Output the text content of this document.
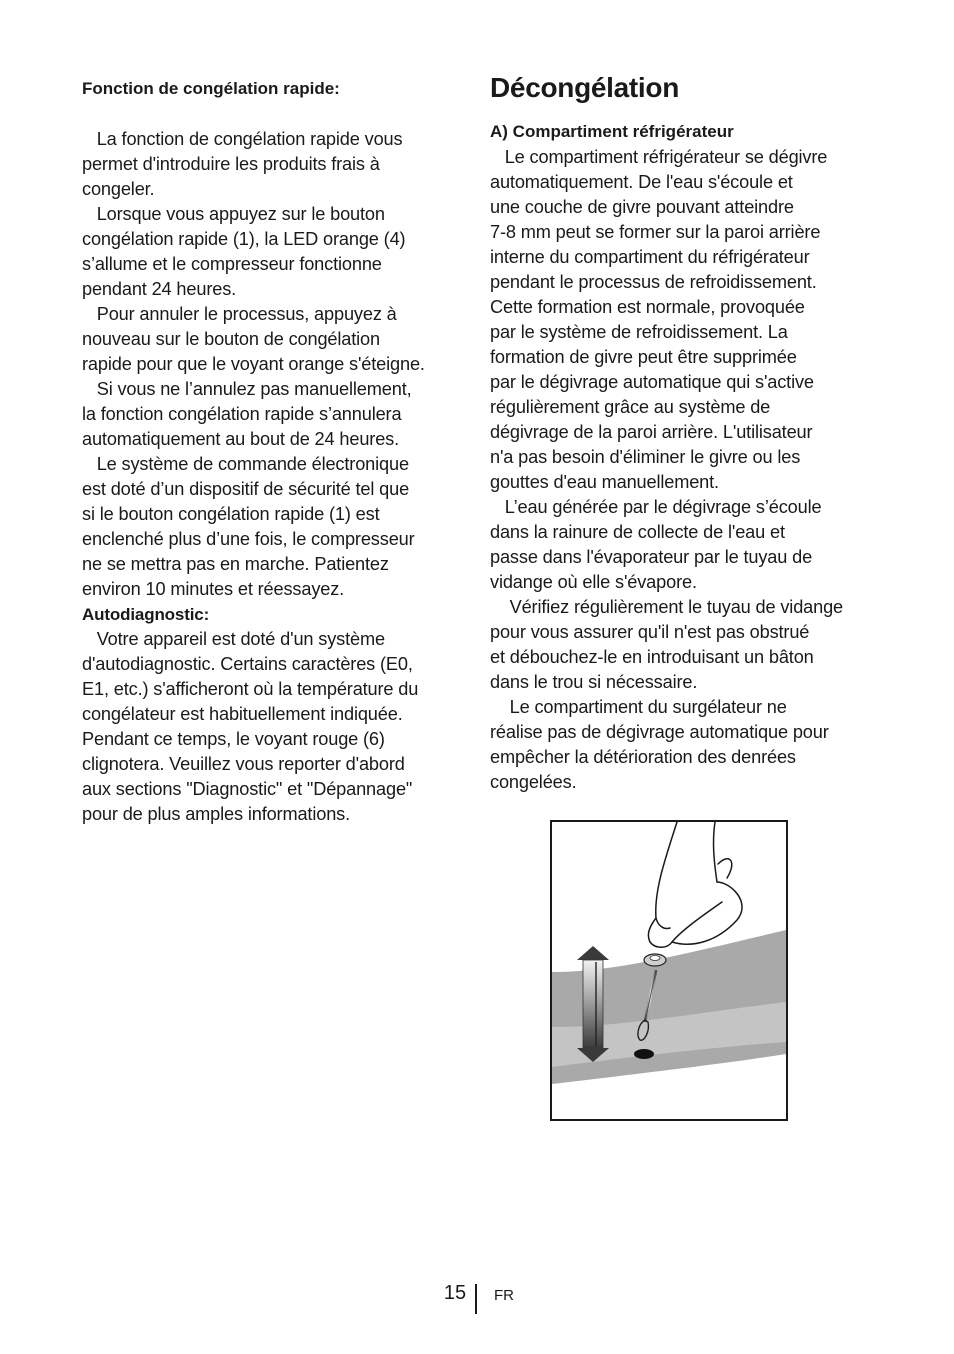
Fonction de congélation rapide:
La fonction de congélation rapide vous
permet d'introduire les produits frais à
congeler.
Lorsque vous appuyez sur le bouton
congélation rapide (1), la LED orange (4)
s’allume et le compresseur fonctionne
pendant 24 heures.
Pour annuler le processus, appuyez à
nouveau sur le bouton de congélation
rapide pour que le voyant orange s'éteigne.
Si vous ne l’annulez pas manuellement,
la fonction congélation rapide s’annulera
automatiquement au bout de 24 heures.
Le système de commande électronique
est doté d’un dispositif de sécurité tel que
si le bouton congélation rapide (1) est
enclenché plus d’une fois, le compresseur
ne se mettra pas en marche. Patientez
environ 10 minutes et réessayez.
Autodiagnostic:
Votre appareil est doté d'un système
d'autodiagnostic. Certains caractères (E0,
E1, etc.) s'afficheront où la température du
congélateur est habituellement indiquée.
Pendant ce temps, le voyant rouge (6)
clignotera. Veuillez vous reporter d'abord
aux sections "Diagnostic" et "Dépannage"
pour de plus amples informations.
Décongélation
A) Compartiment réfrigérateur
Le compartiment réfrigérateur se dégivre
automatiquement. De l'eau s'écoule et
une couche de givre pouvant atteindre
7-8 mm peut se former sur la paroi arrière
interne du compartiment du réfrigérateur
pendant le processus de refroidissement.
Cette formation est normale, provoquée
par le système de refroidissement. La
formation de givre peut être supprimée
par le dégivrage automatique qui s'active
régulièrement grâce au système de
dégivrage de la paroi arrière. L'utilisateur
n'a pas besoin d'éliminer le givre ou les
gouttes d'eau manuellement.
L’eau générée par le dégivrage s’écoule
dans la rainure de collecte de l'eau et
passe dans l'évaporateur par le tuyau de
vidange où elle s'évapore.
Vérifiez régulièrement le tuyau de vidange
pour vous assurer qu'il n'est pas obstrué
et débouchez-le en introduisant un bâton
dans le trou si nécessaire.
Le compartiment du surgélateur ne
réalise pas de dégivrage automatique pour
empêcher la détérioration des denrées
congelées.
15 FR
